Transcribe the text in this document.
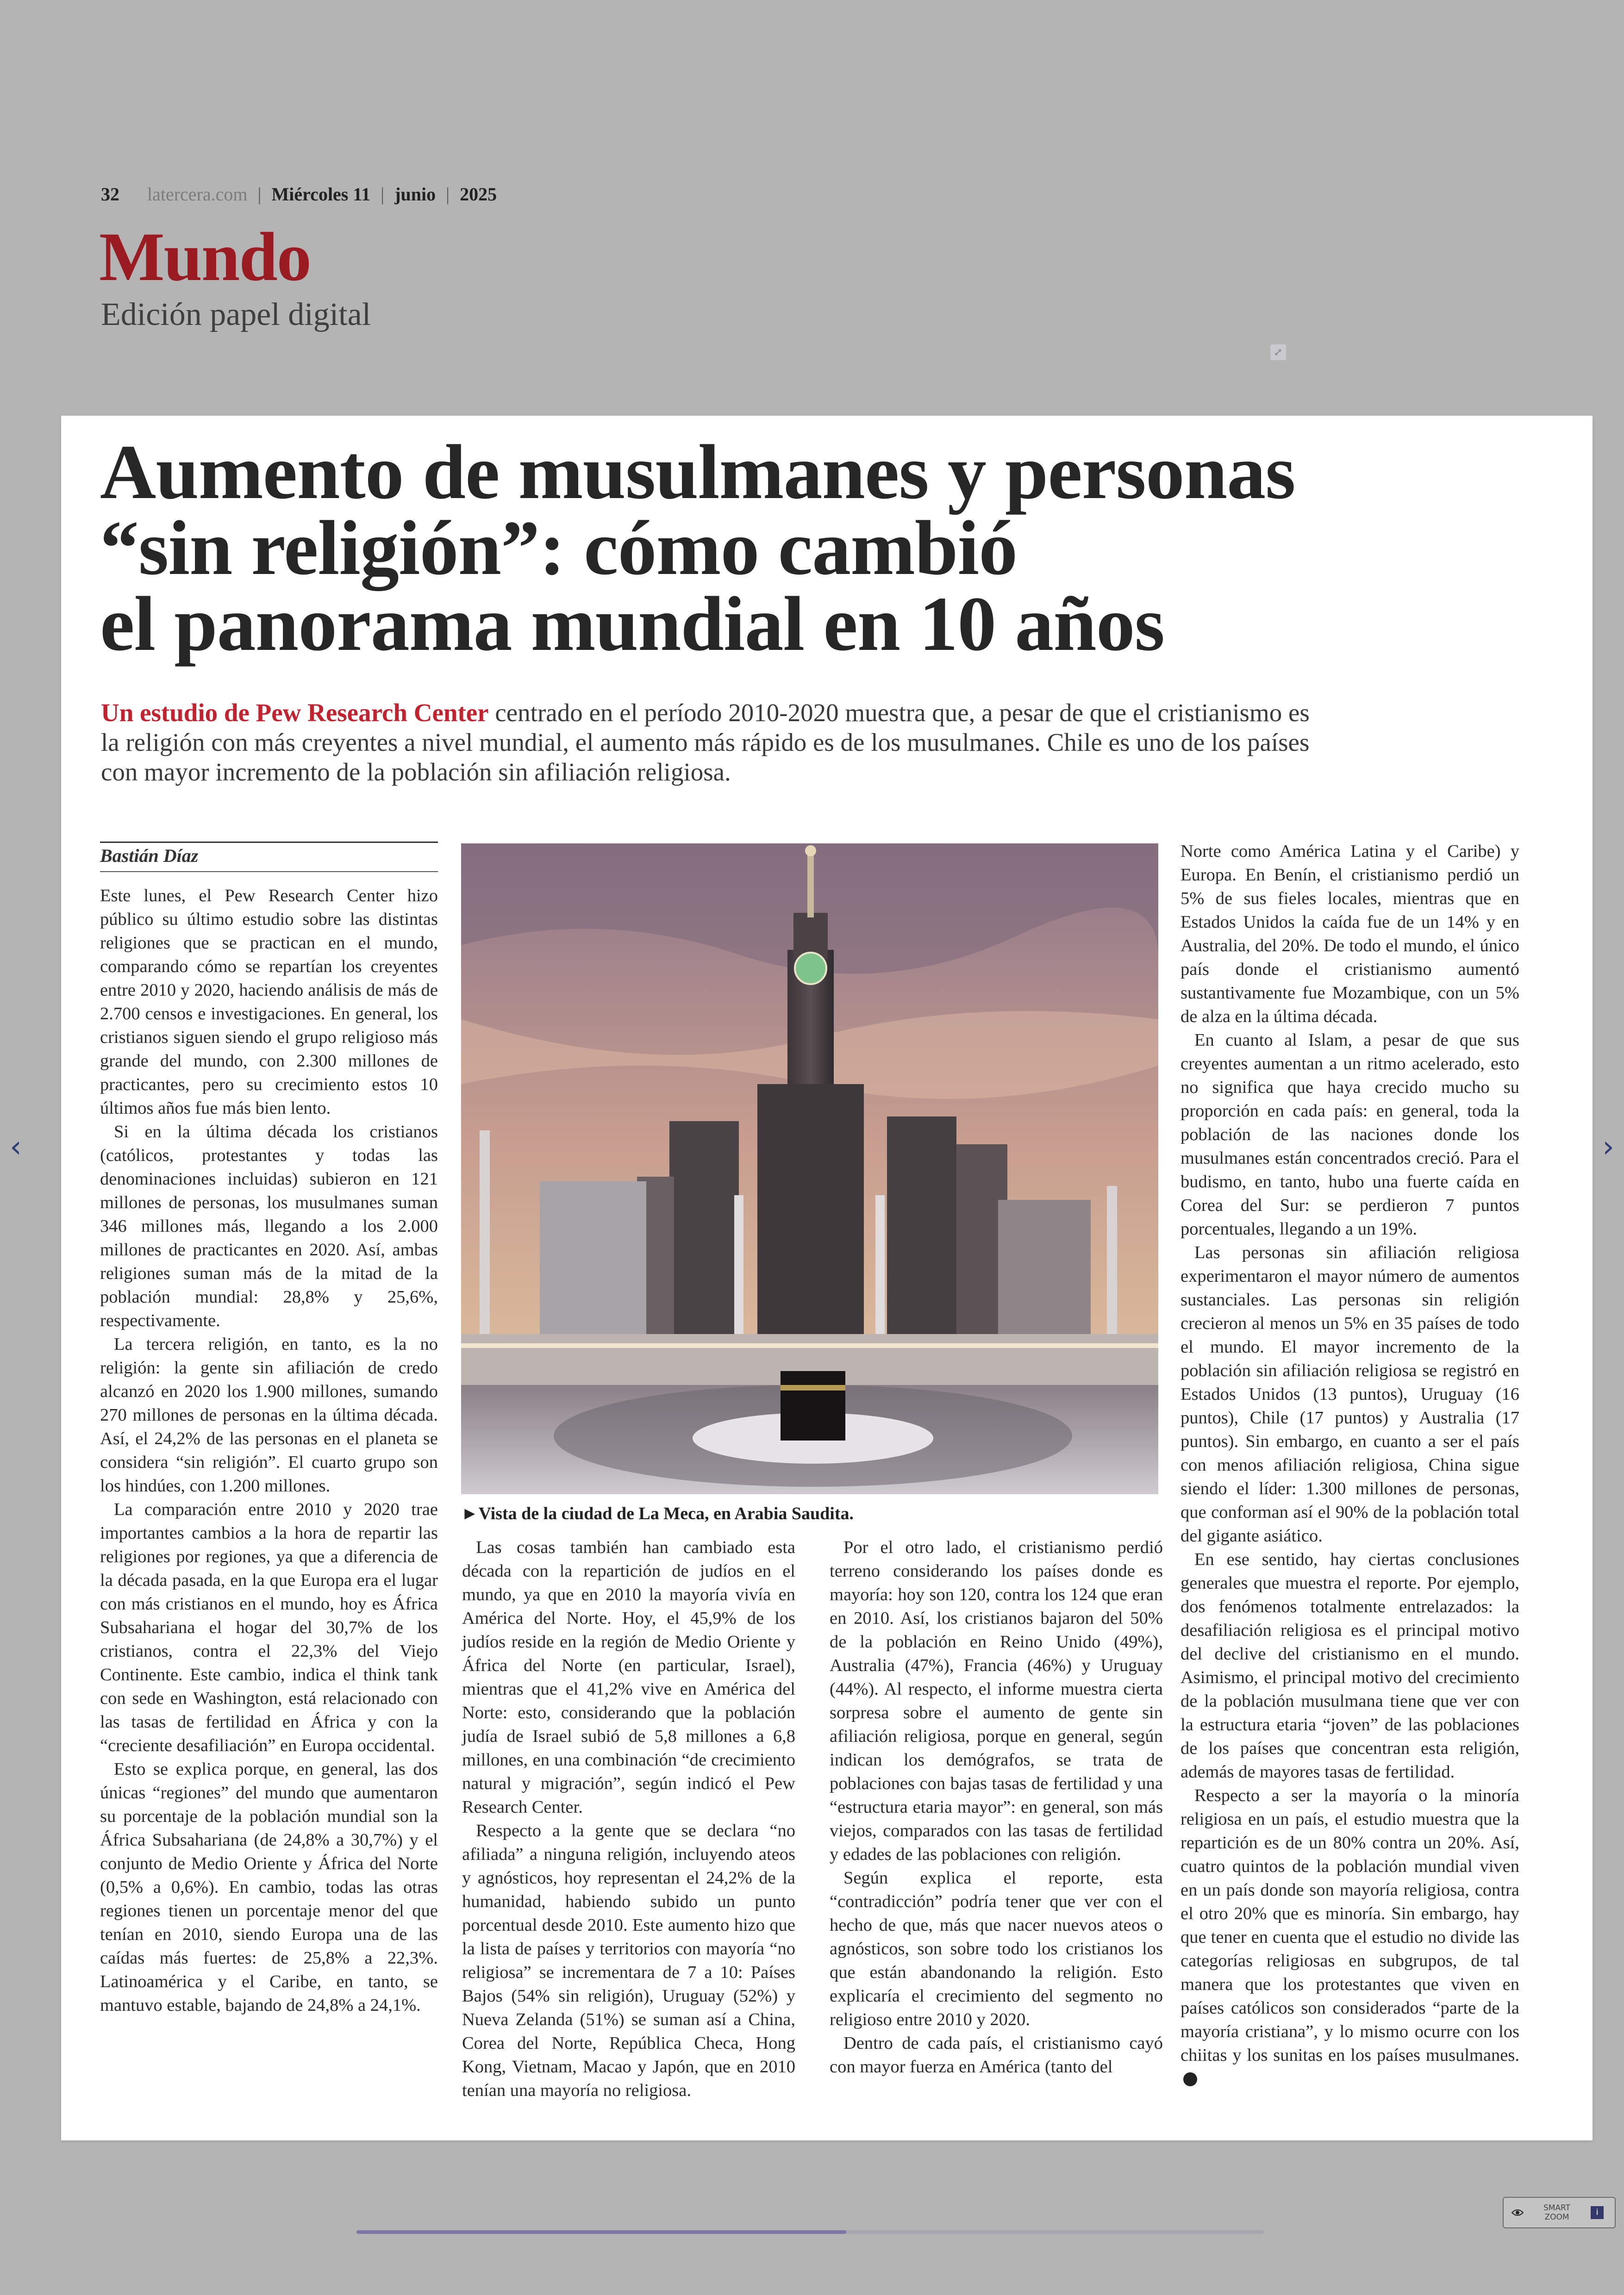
32 latercera.com | Miércoles 11 | junio | 2025
Mundo
Edición papel digital
⤢
‹	›
Aumento de musulmanes y personas
“sin religión”: cómo cambió
el panorama mundial en 10 años

Un estudio de Pew Research Center centrado en el período 2010-2020 muestra que, a pesar de que el cristianismo es la religión con más creyentes a nivel mundial, el aumento más rápido es de los musulmanes. Chile es uno de los países con mayor incremento de la población sin afiliación religiosa.

Bastián Díaz

Este lunes, el Pew Research Center hizo público su último estudio sobre las distintas religiones que se practican en el mundo, comparando cómo se repartían los creyentes entre 2010 y 2020, haciendo análisis de más de 2.700 censos e investigaciones. En general, los cristianos siguen siendo el grupo religioso más grande del mundo, con 2.300 millones de practicantes, pero su crecimiento estos 10 últimos años fue más bien lento.

Si en la última década los cristianos (católicos, protestantes y todas las denominaciones incluidas) subieron en 121 millones de personas, los musulmanes suman 346 millones más, llegando a los 2.000 millones de practicantes en 2020. Así, ambas religiones suman más de la mitad de la población mundial: 28,8% y 25,6%, respectivamente.

La tercera religión, en tanto, es la no religión: la gente sin afiliación de credo alcanzó en 2020 los 1.900 millones, sumando 270 millones de personas en la última década. Así, el 24,2% de las personas en el planeta se considera “sin religión”. El cuarto grupo son los hindúes, con 1.200 millones.

La comparación entre 2010 y 2020 trae importantes cambios a la hora de repartir las religiones por regiones, ya que a diferencia de la década pasada, en la que Europa era el lugar con más cristianos en el mundo, hoy es África Subsahariana el hogar del 30,7% de los cristianos, contra el 22,3% del Viejo Continente. Este cambio, indica el think tank con sede en Washington, está relacionado con las tasas de fertilidad en África y con la “creciente desafiliación” en Europa occidental.

Esto se explica porque, en general, las dos únicas “regiones” del mundo que aumentaron su porcentaje de la población mundial son la África Subsahariana (de 24,8% a 30,7%) y el conjunto de Medio Oriente y África del Norte (0,5% a 0,6%). En cambio, todas las otras regiones tienen un porcentaje menor del que tenían en 2010, siendo Europa una de las caídas más fuertes: de 25,8% a 22,3%. Latinoamérica y el Caribe, en tanto, se mantuvo estable, bajando de 24,8% a 24,1%.

►Vista de la ciudad de La Meca, en Arabia Saudita.

Las cosas también han cambiado esta década con la repartición de judíos en el mundo, ya que en 2010 la mayoría vivía en América del Norte. Hoy, el 45,9% de los judíos reside en la región de Medio Oriente y África del Norte (en particular, Israel), mientras que el 41,2% vive en América del Norte: esto, considerando que la población judía de Israel subió de 5,8 millones a 6,8 millones, en una combinación “de crecimiento natural y migración”, según indicó el Pew Research Center.

Respecto a la gente que se declara “no afiliada” a ninguna religión, incluyendo ateos y agnósticos, hoy representan el 24,2% de la humanidad, habiendo subido un punto porcentual desde 2010. Este aumento hizo que la lista de países y territorios con mayoría “no religiosa” se incrementara de 7 a 10: Países Bajos (54% sin religión), Uruguay (52%) y Nueva Zelanda (51%) se suman así a China, Corea del Norte, República Checa, Hong Kong, Vietnam, Macao y Japón, que en 2010 tenían una mayoría no religiosa.

Por el otro lado, el cristianismo perdió terreno considerando los países donde es mayoría: hoy son 120, contra los 124 que eran en 2010. Así, los cristianos bajaron del 50% de la población en Reino Unido (49%), Australia (47%), Francia (46%) y Uruguay (44%). Al respecto, el informe muestra cierta sorpresa sobre el aumento de gente sin afiliación religiosa, porque en general, según indican los demógrafos, se trata de poblaciones con bajas tasas de fertilidad y una “estructura etaria mayor”: en general, son más viejos, comparados con las tasas de fertilidad y edades de las poblaciones con religión.

Según explica el reporte, esta “contradicción” podría tener que ver con el hecho de que, más que nacer nuevos ateos o agnósticos, son sobre todo los cristianos los que están abandonando la religión. Esto explicaría el crecimiento del segmento no religioso entre 2010 y 2020.

Dentro de cada país, el cristianismo cayó con mayor fuerza en América (tanto del

Norte como América Latina y el Caribe) y Europa. En Benín, el cristianismo perdió un 5% de sus fieles locales, mientras que en Estados Unidos la caída fue de un 14% y en Australia, del 20%. De todo el mundo, el único país donde el cristianismo aumentó sustantivamente fue Mozambique, con un 5% de alza en la última década.

En cuanto al Islam, a pesar de que sus creyentes aumentan a un ritmo acelerado, esto no significa que haya crecido mucho su proporción en cada país: en general, toda la población de las naciones donde los musulmanes están concentrados creció. Para el budismo, en tanto, hubo una fuerte caída en Corea del Sur: se perdieron 7 puntos porcentuales, llegando a un 19%.

Las personas sin afiliación religiosa experimentaron el mayor número de aumentos sustanciales. Las personas sin religión crecieron al menos un 5% en 35 países de todo el mundo. El mayor incremento de la población sin afiliación religiosa se registró en Estados Unidos (13 puntos), Uruguay (16 puntos), Chile (17 puntos) y Australia (17 puntos). Sin embargo, en cuanto a ser el país con menos afiliación religiosa, China sigue siendo el líder: 1.300 millones de personas, que conforman así el 90% de la población total del gigante asiático.

En ese sentido, hay ciertas conclusiones generales que muestra el reporte. Por ejemplo, dos fenómenos totalmente entrelazados: la desafiliación religiosa es el principal motivo del declive del cristianismo en el mundo. Asimismo, el principal motivo del crecimiento de la población musulmana tiene que ver con la estructura etaria “joven” de las poblaciones de los países que concentran esta religión, además de mayores tasas de fertilidad.

Respecto a ser la mayoría o la minoría religiosa en un país, el estudio muestra que la repartición es de un 80% contra un 20%. Así, cuatro quintos de la población mundial viven en un país donde son mayoría religiosa, contra el otro 20% que es minoría. Sin embargo, hay que tener en cuenta que el estudio no divide las categorías religiosas en subgrupos, de tal manera que los protestantes que viven en países católicos son considerados “parte de la mayoría cristiana”, y lo mismo ocurre con los chiitas y los sunitas en los países musulmanes.

SMART
ZOOM	i
